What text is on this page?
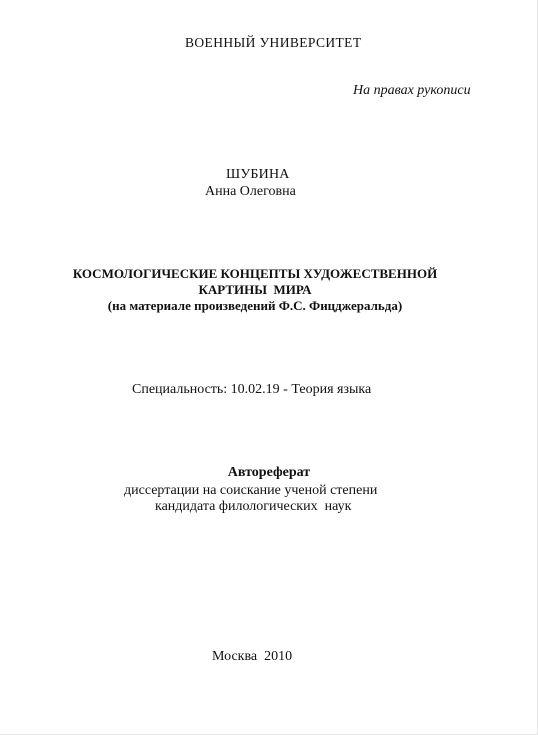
ВОЕННЫЙ УНИВЕРСИТЕТ
На правах рукописи
ШУБИНА
Анна Олеговна
КОСМОЛОГИЧЕСКИЕ КОНЦЕПТЫ ХУДОЖЕСТВЕННОЙ
КАРТИНЫ  МИРА
(на материале произведений Ф.С. Фицджеральда)
Специальность: 10.02.19 - Теория языка
Автореферат
диссертации на соискание ученой степени
кандидата филологических  наук
Москва  2010
